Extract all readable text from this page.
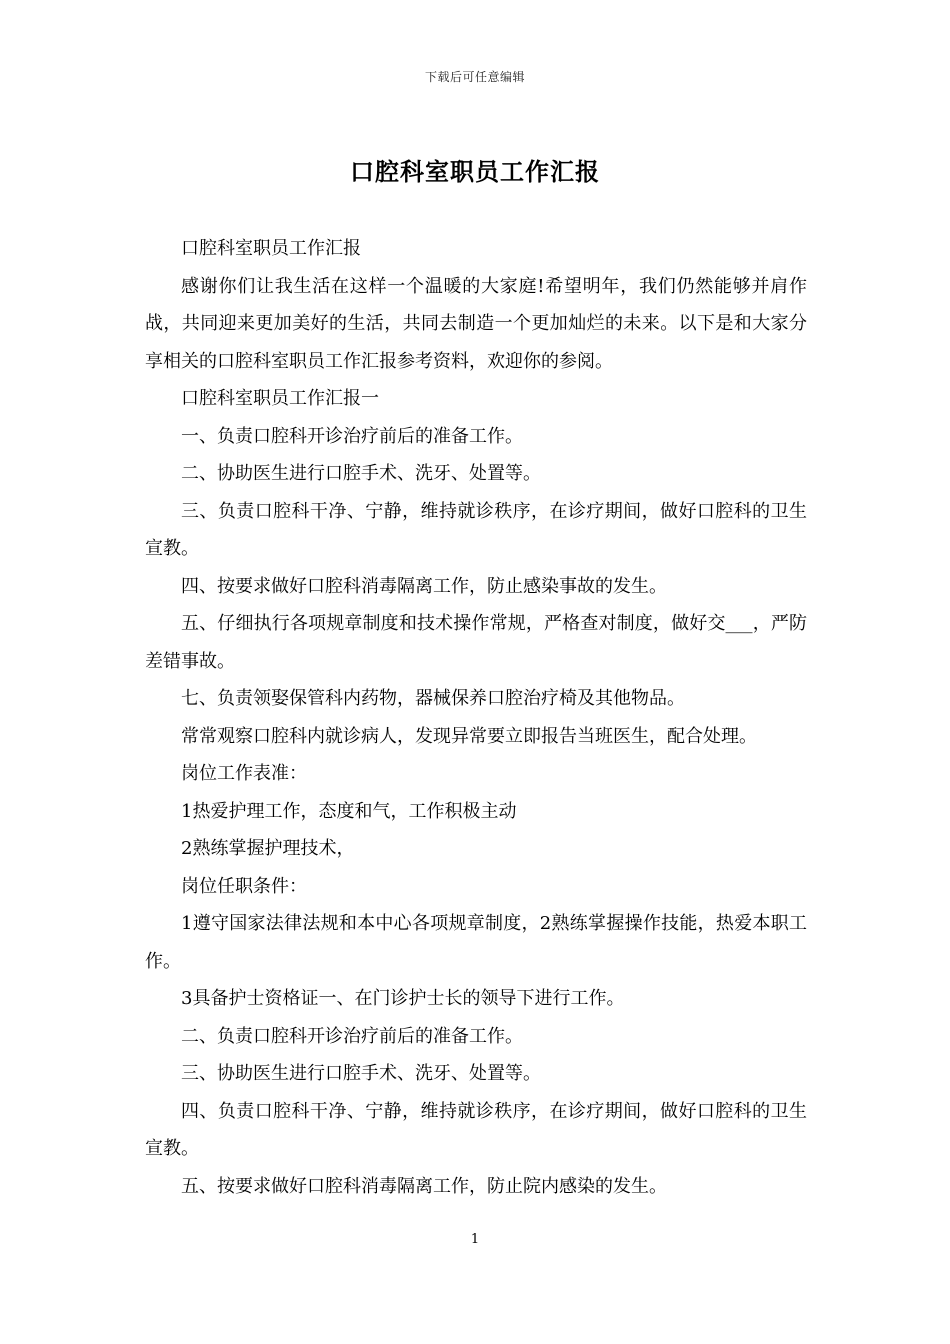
下载后可任意编辑
口腔科室职员工作汇报

口腔科室职员工作汇报

感谢你们让我生活在这样一个温暖的大家庭!希望明年，我们仍然能够并肩作战，共同迎来更加美好的生活，共同去制造一个更加灿烂的未来。以下是和大家分享相关的口腔科室职员工作汇报参考资料，欢迎你的参阅。

口腔科室职员工作汇报一

一、负责口腔科开诊治疗前后的准备工作。

二、协助医生进行口腔手术、洗牙、处置等。

三、负责口腔科干净、宁静，维持就诊秩序，在诊疗期间，做好口腔科的卫生宣教。

四、按要求做好口腔科消毒隔离工作，防止感染事故的发生。

五、仔细执行各项规章制度和技术操作常规，严格查对制度，做好交___，严防差错事故。

七、负责领娶保管科内药物，器械保养口腔治疗椅及其他物品。

常常观察口腔科内就诊病人，发现异常要立即报告当班医生，配合处理。

岗位工作表准：

1热爱护理工作，态度和气，工作积极主动

2熟练掌握护理技术，

岗位任职条件：

1遵守国家法律法规和本中心各项规章制度，2熟练掌握操作技能，热爱本职工作。

3具备护士资格证一、在门诊护士长的领导下进行工作。

二、负责口腔科开诊治疗前后的准备工作。

三、协助医生进行口腔手术、洗牙、处置等。

四、负责口腔科干净、宁静，维持就诊秩序，在诊疗期间，做好口腔科的卫生宣教。

五、按要求做好口腔科消毒隔离工作，防止院内感染的发生。

1
